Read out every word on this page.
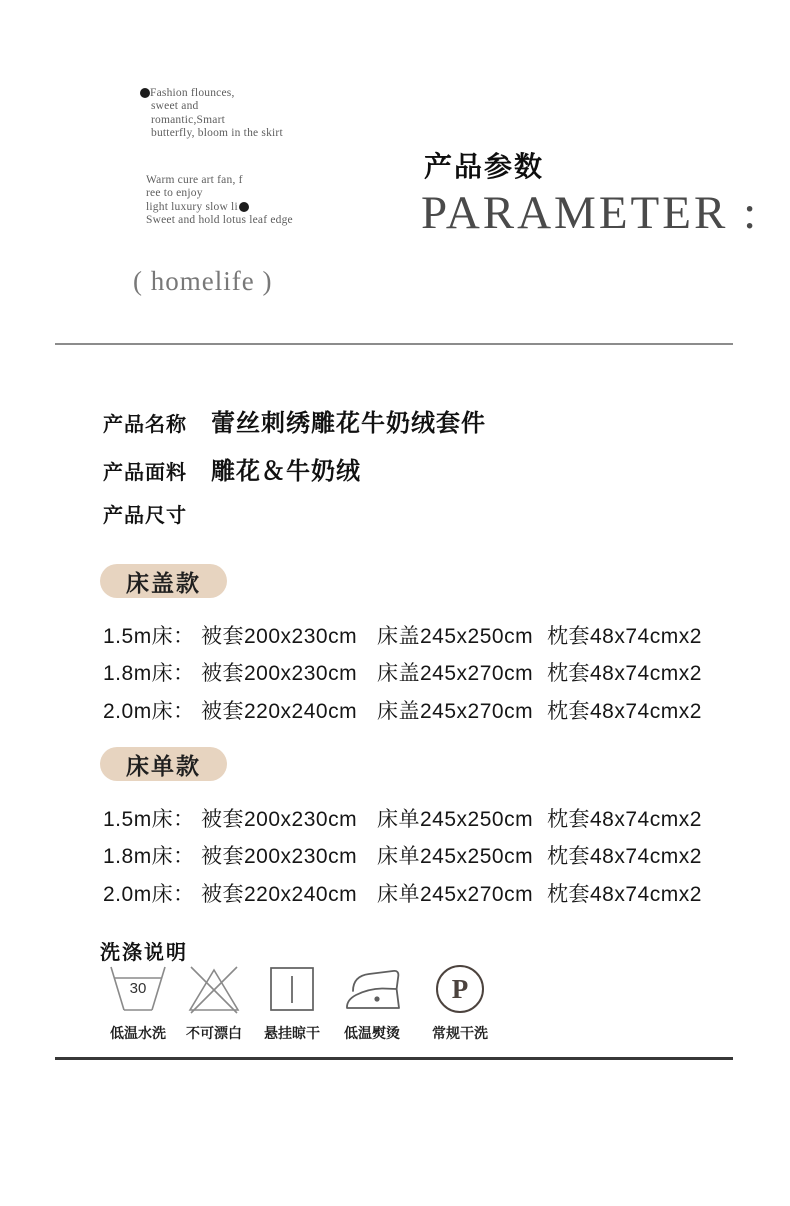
Fashion flounces,
sweet and
romantic,Smart
butterfly, bloom in the skirt
Warm cure art fan, f
ree to enjoy
light luxury slow li
Sweet and hold lotus leaf edge
( homelife )
产品参数
PARAMETER :
产品名称	蕾丝刺绣雕花牛奶绒套件
产品面料	雕花＆牛奶绒
产品尺寸
床盖款
1.5m床： 被套200x230cm 床盖245x250cm 枕套48x74cmx2
1.8m床： 被套200x230cm 床盖245x270cm 枕套48x74cmx2
2.0m床： 被套220x240cm 床盖245x270cm 枕套48x74cmx2
床单款
1.5m床： 被套200x230cm 床单245x250cm 枕套48x74cmx2
1.8m床： 被套200x230cm 床单245x250cm 枕套48x74cmx2
2.0m床： 被套220x240cm 床单245x270cm 枕套48x74cmx2
洗涤说明
30
低温水洗 不可漂白 悬挂晾干 低温熨烫
P
常规干洗
